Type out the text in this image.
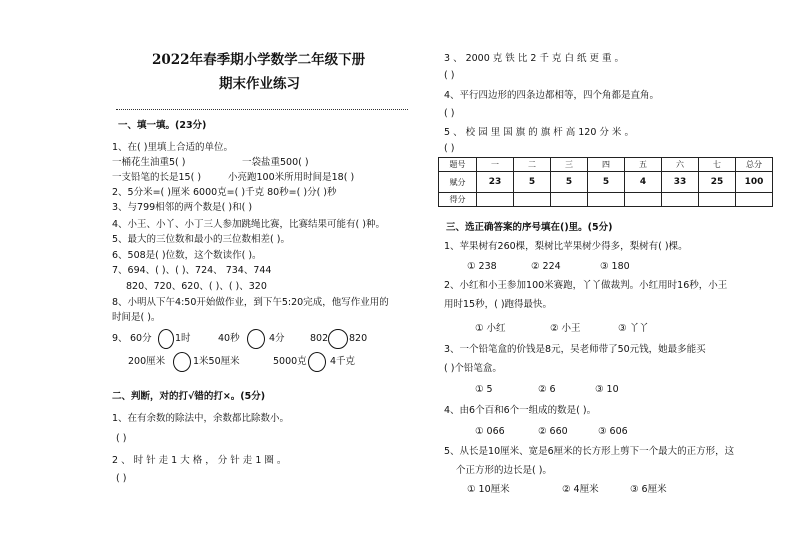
2022年春季期小学数学二年级下册
期末作业练习
一、填一填。(23分)
1、在( )里填上合适的单位。
一桶花生油重5( )	一袋盐重500( )
一支铅笔的长是15( )	小亮跑100米所用时间是18( )
2、5分米=( )厘米 6000克=( )千克 80秒=( )分( )秒
3、与799相邻的两个数是( )和( )
4、小王、小丫、小丁三人参加跳绳比赛，比赛结果可能有( )种。
5、最大的三位数和最小的三位数相差( )。
6、508是( )位数，这个数读作( )。
7、694、( )、( )、724、 734、744
820、720、620、( )、( )、320
8、小明从下午4:50开始做作业，到下午5:20完成，他写作业用的
时间是( )。
9、 60分 1时	40秒	4分	802 820
200厘米	1米50厘米	5000克 4千克
二、判断，对的打√错的打×。(5分)
1、在有余数的除法中，余数都比除数小。
( )
2 、 时 针 走 1 大 格 ， 分 针 走 1 圈 。
( )
3 、 2000 克 铁 比 2 千 克 白 纸 更 重 。
( )
4、平行四边形的四条边都相等，四个角都是直角。
( )
5 、 校 园 里 国 旗 的 旗 杆 高 120 分 米 。
( )
题号	一	二	三	四	五	六	七	总分
赋分	23	5	5	5	4	33	25	100
得分								
三、选正确答案的序号填在()里。(5分)
1、苹果树有260棵，梨树比苹果树少得多，梨树有( )棵。
① 238	② 224	③ 180
2、小红和小王参加100米赛跑，丫丫做裁判。小红用时16秒，小王
用时15秒，( )跑得最快。
① 小红	② 小王	③ 丫丫
3、一个铅笔盒的价钱是8元，吴老师带了50元钱，她最多能买
( )个铅笔盒。
① 5	② 6	③ 10
4、由6个百和6个一组成的数是( )。
① 066	② 660	③ 606
5、从长是10厘米、宽是6厘米的长方形上剪下一个最大的正方形，这
个正方形的边长是( )。
① 10厘米	② 4厘米	③ 6厘米
